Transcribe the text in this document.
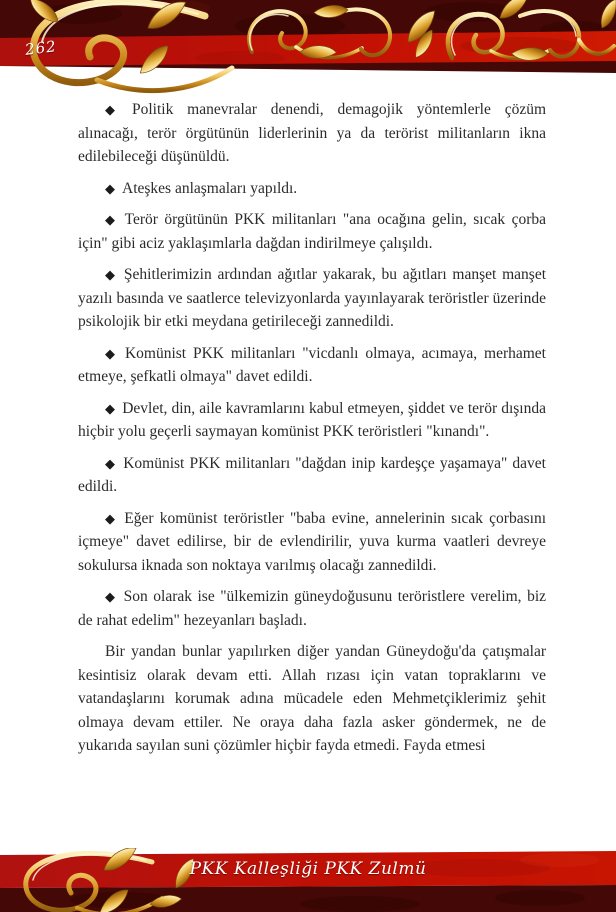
262

◆ Politik manevralar denendi, demagojik yöntemlerle çözüm alınacağı, terör örgütünün liderlerinin ya da terörist militanların ikna edilebileceği düşünüldü.

◆ Ateşkes anlaşmaları yapıldı.

◆ Terör örgütünün PKK militanları "ana ocağına gelin, sıcak çorba için" gibi aciz yaklaşımlarla dağdan indirilmeye çalışıldı.

◆ Şehitlerimizin ardından ağıtlar yakarak, bu ağıtları manşet manşet yazılı basında ve saatlerce televizyonlarda yayınlayarak teröristler üzerinde psikolojik bir etki meydana getirileceği zannedildi.

◆ Komünist PKK militanları "vicdanlı olmaya, acımaya, merhamet etmeye, şefkatli olmaya" davet edildi.

◆ Devlet, din, aile kavramlarını kabul etmeyen, şiddet ve terör dışında hiçbir yolu geçerli saymayan komünist PKK teröristleri "kınandı".

◆ Komünist PKK militanları "dağdan inip kardeşçe yaşamaya" davet edildi.

◆ Eğer komünist teröristler "baba evine, annelerinin sıcak çorbasını içmeye" davet edilirse, bir de evlendirilir, yuva kurma vaatleri devreye sokulursa iknada son noktaya varılmış olacağı zannedildi.

◆ Son olarak ise "ülkemizin güneydoğusunu teröristlere verelim, biz de rahat edelim" hezeyanları başladı.

Bir yandan bunlar yapılırken diğer yandan Güneydoğu'da çatışmalar kesintisiz olarak devam etti. Allah rızası için vatan topraklarını ve vatandaşlarını korumak adına mücadele eden Mehmetçiklerimiz şehit olmaya devam ettiler. Ne oraya daha fazla asker göndermek, ne de yukarıda sayılan suni çözümler hiçbir fayda etmedi. Fayda etmesi

PKK Kalleşliği PKK Zulmü
